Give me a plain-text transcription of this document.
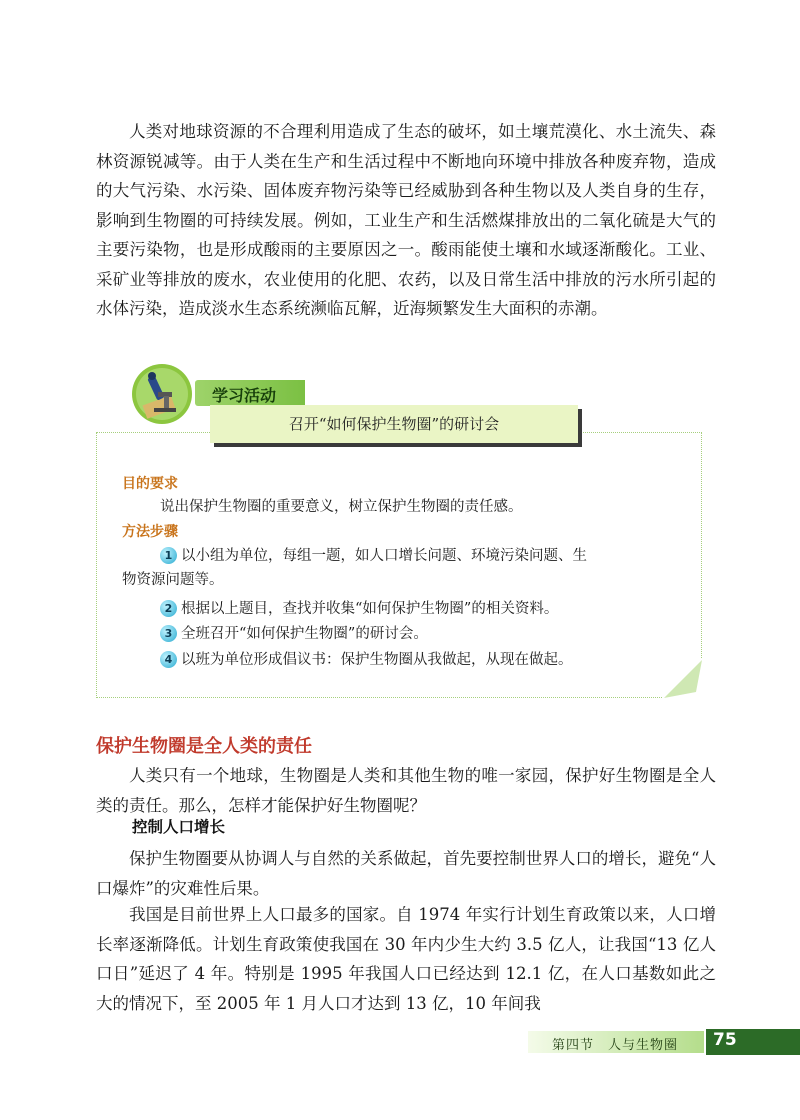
人类对地球资源的不合理利用造成了生态的破坏，如土壤荒漠化、水土流失、森林资源锐减等。由于人类在生产和生活过程中不断地向环境中排放各种废弃物，造成的大气污染、水污染、固体废弃物污染等已经威胁到各种生物以及人类自身的生存，影响到生物圈的可持续发展。例如，工业生产和生活燃煤排放出的二氧化硫是大气的主要污染物，也是形成酸雨的主要原因之一。酸雨能使土壤和水域逐渐酸化。工业、采矿业等排放的废水，农业使用的化肥、农药，以及日常生活中排放的污水所引起的水体污染，造成淡水生态系统濒临瓦解，近海频繁发生大面积的赤潮。

学习活动
召开“如何保护生物圈”的研讨会
目的要求

说出保护生物圈的重要意义，树立保护生物圈的责任感。

方法步骤
1 以小组为单位，每组一题，如人口增长问题、环境污染问题、生
物资源问题等。
2 根据以上题目，查找并收集“如何保护生物圈”的相关资料。
3 全班召开“如何保护生物圈”的研讨会。
4 以班为单位形成倡议书：保护生物圈从我做起，从现在做起。
保护生物圈是全人类的责任

人类只有一个地球，生物圈是人类和其他生物的唯一家园，保护好生物圈是全人类的责任。那么，怎样才能保护好生物圈呢？

控制人口增长

保护生物圈要从协调人与自然的关系做起，首先要控制世界人口的增长，避免“人口爆炸”的灾难性后果。

我国是目前世界上人口最多的国家。自 1974 年实行计划生育政策以来，人口增长率逐渐降低。计划生育政策使我国在 30 年内少生大约 3.5 亿人，让我国“13 亿人口日”延迟了 4 年。特别是 1995 年我国人口已经达到 12.1 亿，在人口基数如此之大的情况下，至 2005 年 1 月人口才达到 13 亿，10 年间我

第四节　人与生物圈 75
